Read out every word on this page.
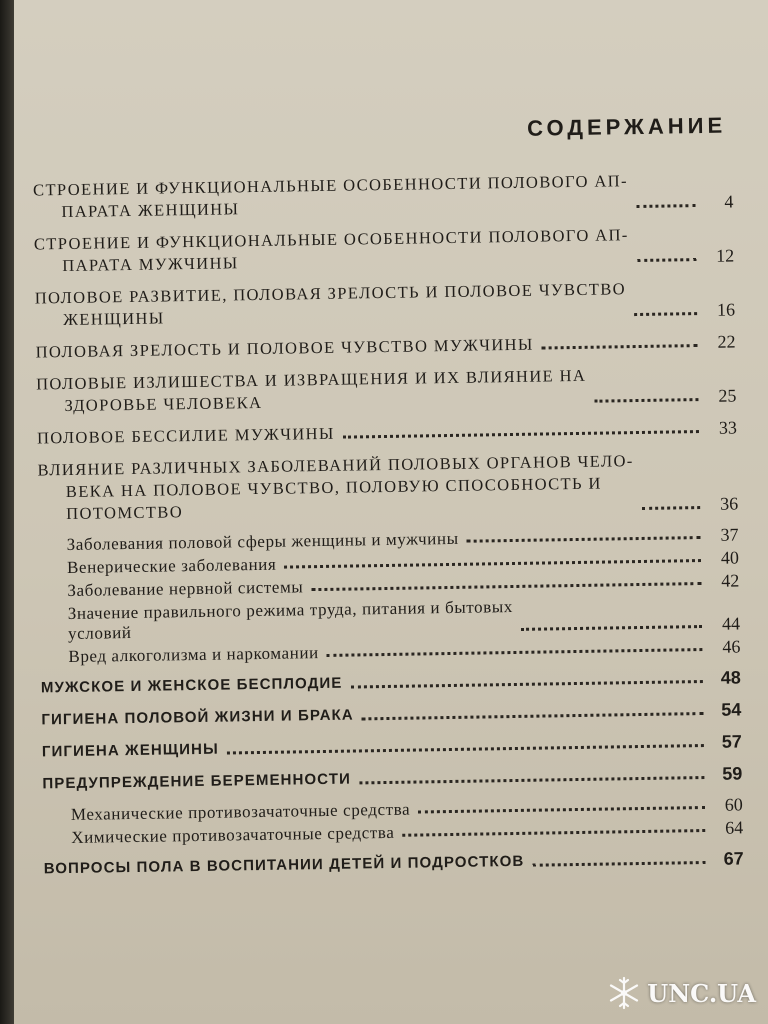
СОДЕРЖАНИЕ
СТРОЕНИЕ И ФУНКЦИОНАЛЬНЫЕ ОСОБЕННОСТИ ПОЛОВОГО АП-
ПАРАТА ЖЕНЩИНЫ	4
СТРОЕНИЕ И ФУНКЦИОНАЛЬНЫЕ ОСОБЕННОСТИ ПОЛОВОГО АП-
ПАРАТА МУЖЧИНЫ	12
ПОЛОВОЕ РАЗВИТИЕ, ПОЛОВАЯ ЗРЕЛОСТЬ И ПОЛОВОЕ ЧУВСТВО
ЖЕНЩИНЫ	16
ПОЛОВАЯ ЗРЕЛОСТЬ И ПОЛОВОЕ ЧУВСТВО МУЖЧИНЫ	22
ПОЛОВЫЕ ИЗЛИШЕСТВА И ИЗВРАЩЕНИЯ И ИХ ВЛИЯНИЕ НА
ЗДОРОВЬЕ ЧЕЛОВЕКА	25
ПОЛОВОЕ БЕССИЛИЕ МУЖЧИНЫ	33
ВЛИЯНИЕ РАЗЛИЧНЫХ ЗАБОЛЕВАНИЙ ПОЛОВЫХ ОРГАНОВ ЧЕЛО-
ВЕКА НА ПОЛОВОЕ ЧУВСТВО, ПОЛОВУЮ СПОСОБНОСТЬ И
ПОТОМСТВО	36
Заболевания половой сферы женщины и мужчины	37
Венерические заболевания	40
Заболевание нервной системы	42
Значение правильного режима труда, питания и бытовых
условий	44
Вред алкоголизма и наркомании	46
МУЖСКОЕ И ЖЕНСКОЕ БЕСПЛОДИЕ	48
ГИГИЕНА ПОЛОВОЙ ЖИЗНИ И БРАКА	54
ГИГИЕНА ЖЕНЩИНЫ	57
ПРЕДУПРЕЖДЕНИЕ БЕРЕМЕННОСТИ	59
Механические противозачаточные средства	60
Химические противозачаточные средства	64
ВОПРОСЫ ПОЛА В ВОСПИТАНИИ ДЕТЕЙ И ПОДРОСТКОВ	67
UNC.UA
